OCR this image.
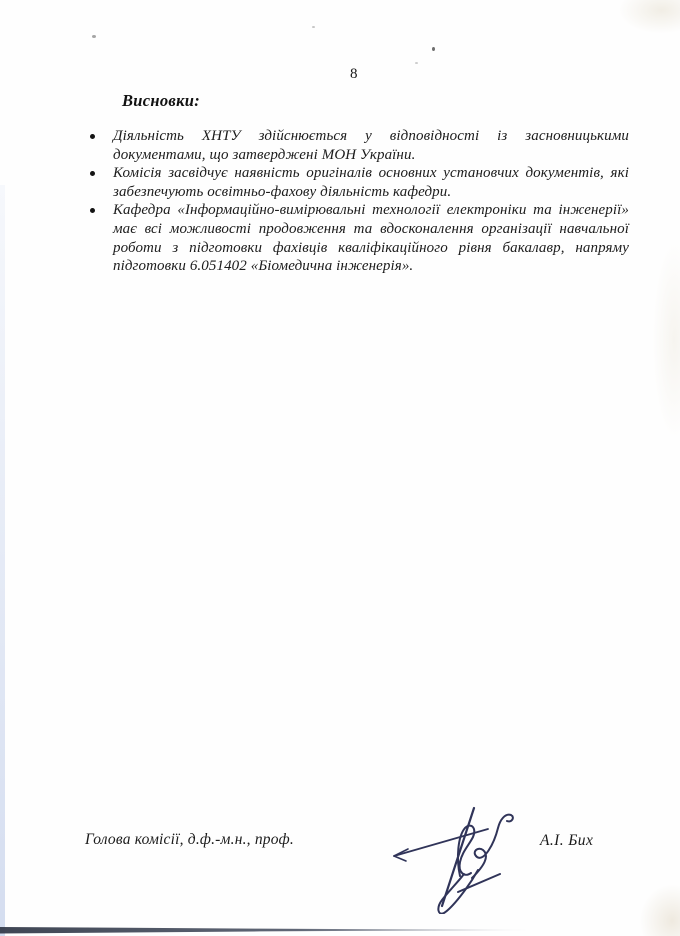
8
Висновки:

Діяльність ХНТУ здійснюється у відповідності із засновницькими документами, що затверджені МОН України.

Комісія засвідчує наявність оригіналів основних установчих документів, які забезпечують освітньо-фахову діяльність кафедри.

Кафедра «Інформаційно-вимірювальні технології електроніки та інженерії» має всі можливості продовження та вдосконалення організації навчальної роботи з підготовки фахівців кваліфікаційного рівня бакалавр, напряму підготовки 6.051402 «Біомедична інженерія».

Голова комісії, д.ф.-м.н., проф.	А.І. Бих
